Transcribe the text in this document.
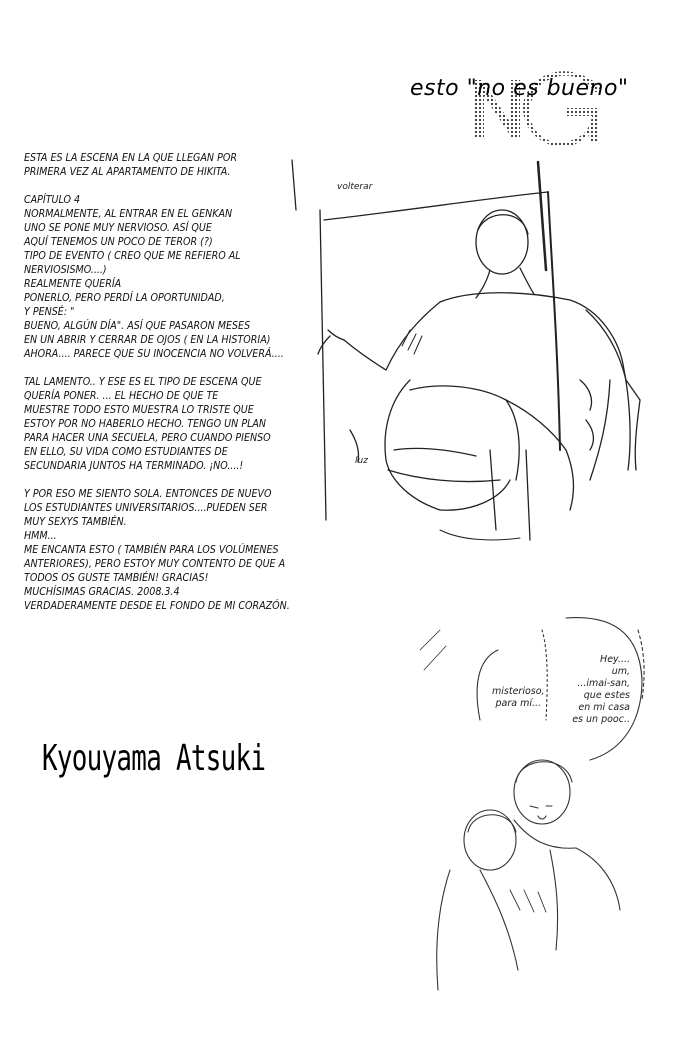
esto "no es bueno"
ESTA ES LA ESCENA EN LA QUE LLEGAN POR
PRIMERA VEZ AL APARTAMENTO DE HIKITA.
CAPÍTULO 4
NORMALMENTE, AL ENTRAR EN EL GENKAN
UNO SE PONE MUY NERVIOSO. ASÍ QUE
AQUÍ TENEMOS UN POCO DE TEROR (?)
TIPO DE EVENTO ( CREO QUE ME REFIERO AL
NERVIOSISMO....)
REALMENTE QUERÍA
PONERLO, PERO PERDÍ LA OPORTUNIDAD,
Y PENSÉ: "
BUENO, ALGÚN DÍA". ASÍ QUE PASARON MESES
EN UN ABRIR Y CERRAR DE OJOS ( EN LA HISTORIA)
AHORA.... PARECE QUE SU INOCENCIA NO VOLVERÁ....
TAL LAMENTO.. Y ESE ES EL TIPO DE ESCENA QUE
QUERÍA PONER. ... EL HECHO DE QUE TE
MUESTRE TODO ESTO MUESTRA LO TRISTE QUE
ESTOY POR NO HABERLO HECHO. TENGO UN PLAN
PARA HACER UNA SECUELA, PERO CUANDO PIENSO
EN ELLO, SU VIDA COMO ESTUDIANTES DE
SECUNDARIA JUNTOS HA TERMINADO. ¡NO....!
Y POR ESO ME SIENTO SOLA. ENTONCES DE NUEVO
LOS ESTUDIANTES UNIVERSITARIOS....PUEDEN SER
MUY SEXYS TAMBIÉN.
HMM...
ME ENCANTA ESTO ( TAMBIÉN PARA LOS VOLÚMENES
ANTERIORES), PERO ESTOY MUY CONTENTO DE QUE A
TODOS OS GUSTE TAMBIÉN! GRACIAS!
MUCHÍSIMAS GRACIAS. 2008.3.4
VERDADERAMENTE DESDE EL FONDO DE MI CORAZÓN.
Kyouyama Atsuki
volterar
luz
misterioso,
para mí...
Hey....
um,
...imai-san,
que estes
en mi casa
es un pooc..
